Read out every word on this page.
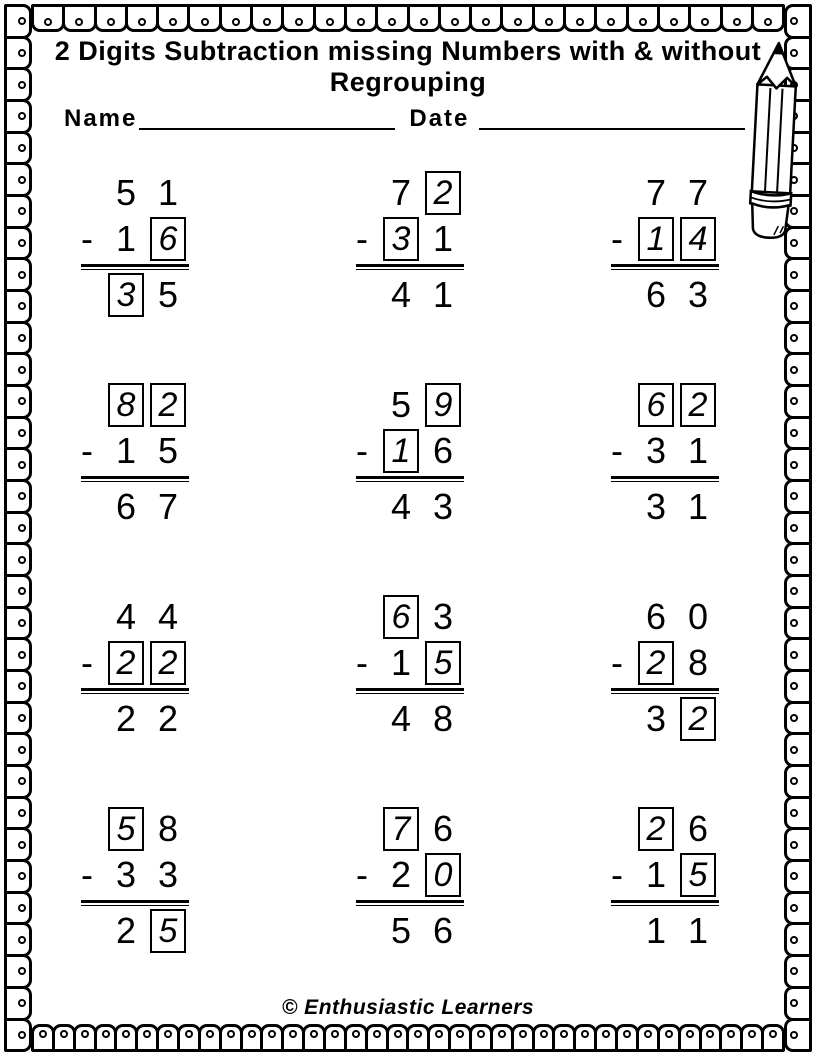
2 Digits Subtraction missing Numbers with & without
Regrouping
Name	Date
5 1
- 1 6
3 5
7 2
- 3 1
4 1
7 7
- 1 4
6 3
8 2
- 1 5
6 7
5 9
- 1 6
4 3
6 2
- 3 1
3 1
4 4
- 2 2
2 2
6 3
- 1 5
4 8
6 0
- 2 8
3 2
5 8
- 3 3
2 5
7 6
- 2 0
5 6
2 6
- 1 5
1 1
© Enthusiastic Learners
